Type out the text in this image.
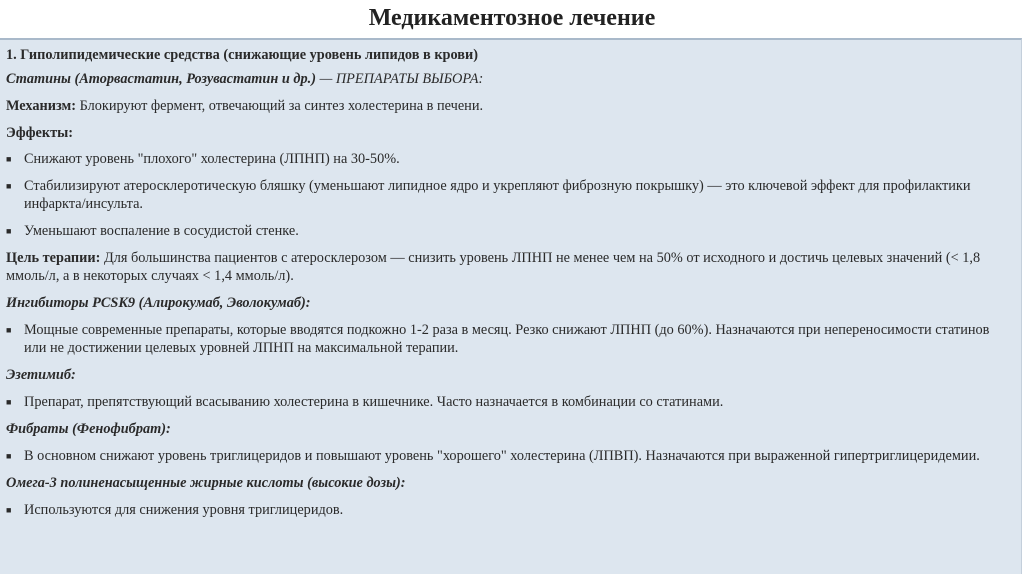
Медикаментозное лечение
1. Гиполипидемические средства (снижающие уровень липидов в крови)
Статины (Аторвастатин, Розувастатин и др.) — ПРЕПАРАТЫ ВЫБОРА:
Механизм: Блокируют фермент, отвечающий за синтез холестерина в печени.
Эффекты:
■ Снижают уровень "плохого" холестерина (ЛПНП) на 30-50%.
■ Стабилизируют атеросклеротическую бляшку (уменьшают липидное ядро и укрепляют фиброзную покрышку) — это ключевой эффект для профилактики инфаркта/инсульта.
■ Уменьшают воспаление в сосудистой стенке.
Цель терапии: Для большинства пациентов с атеросклерозом — снизить уровень ЛПНП не менее чем на 50% от исходного и достичь целевых значений (< 1,8 ммоль/л, а в некоторых случаях < 1,4 ммоль/л).
Ингибиторы PCSK9 (Алирокумаб, Эволокумаб):
■ Мощные современные препараты, которые вводятся подкожно 1-2 раза в месяц. Резко снижают ЛПНП (до 60%). Назначаются при непереносимости статинов или не достижении целевых уровней ЛПНП на максимальной терапии.
Эзетимиб:
■ Препарат, препятствующий всасыванию холестерина в кишечнике. Часто назначается в комбинации со статинами.
Фибраты (Фенофибрат):
■ В основном снижают уровень триглицеридов и повышают уровень "хорошего" холестерина (ЛПВП). Назначаются при выраженной гипертриглицеридемии.
Омега-3 полиненасыщенные жирные кислоты (высокие дозы):
■ Используются для снижения уровня триглицеридов.
